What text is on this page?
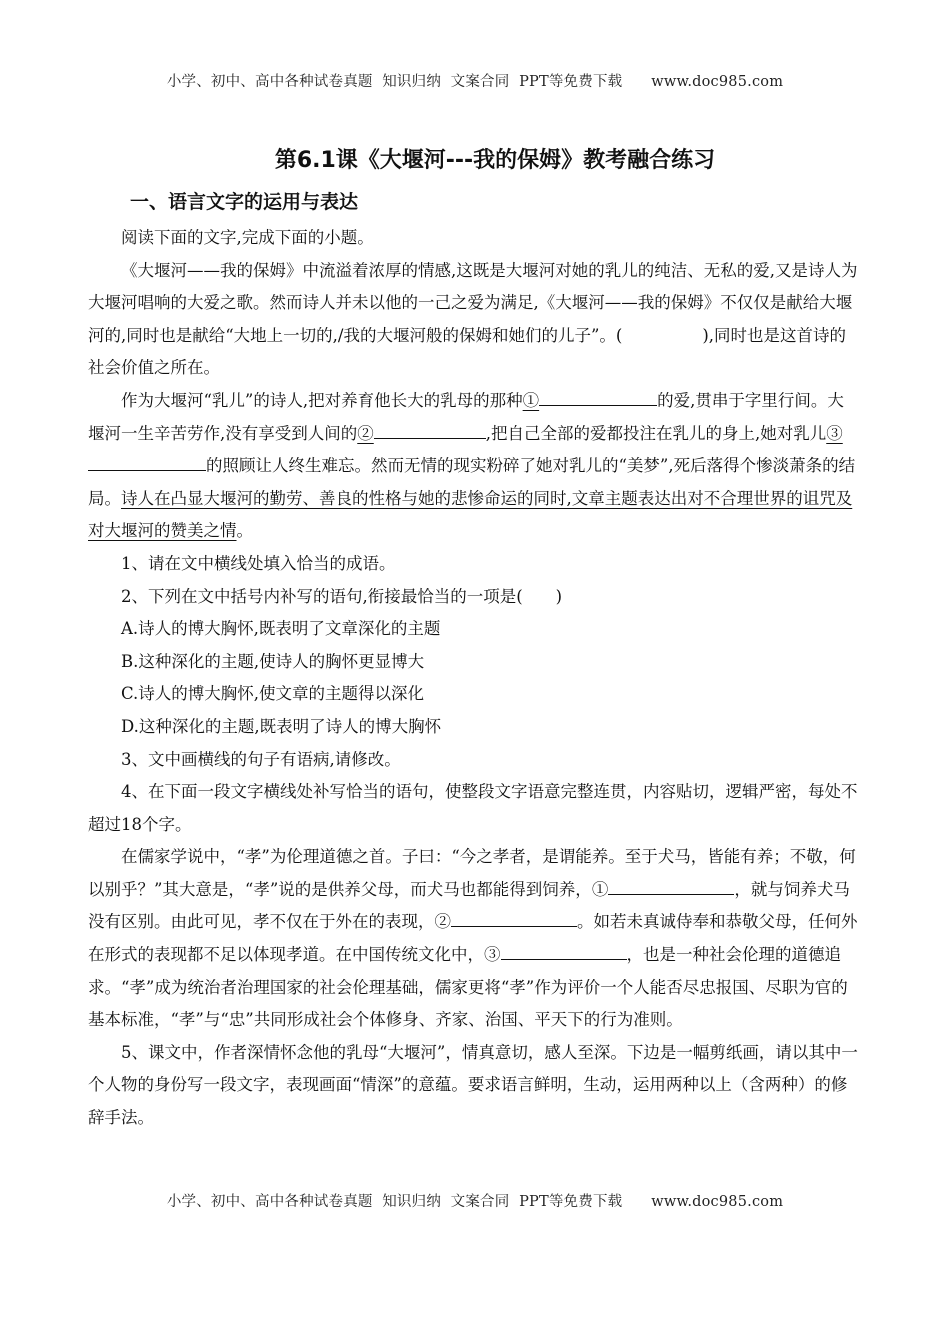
小学、初中、高中各种试卷真题  知识归纳  文案合同  PPT等免费下载 www.doc985.com
第6.1课《大堰河---我的保姆》教考融合练习
一、语言文字的运用与表达

阅读下面的文字,完成下面的小题。

《大堰河——我的保姆》中流溢着浓厚的情感,这既是大堰河对她的乳儿的纯洁、无私的爱,又是诗人为大堰河唱响的大爱之歌。然而诗人并未以他的一己之爱为满足,《大堰河——我的保姆》不仅仅是献给大堰河的,同时也是献给“大地上一切的,/我的大堰河般的保姆和她们的儿子”。(	),同时也是这首诗的社会价值之所在。

作为大堰河“乳儿”的诗人,把对养育他长大的乳母的那种①	的爱,贯串于字里行间。大堰河一生辛苦劳作,没有享受到人间的②	,把自己全部的爱都投注在乳儿的身上,她对乳儿③的照顾让人终生难忘。然而无情的现实粉碎了她对乳儿的“美梦”,死后落得个惨淡萧条的结局。诗人在凸显大堰河的勤劳、善良的性格与她的悲惨命运的同时,文章主题表达出对不合理世界的诅咒及对大堰河的赞美之情。

1、请在文中横线处填入恰当的成语。

2、下列在文中括号内补写的语句,衔接最恰当的一项是(　　)

A.诗人的博大胸怀,既表明了文章深化的主题

B.这种深化的主题,使诗人的胸怀更显博大

C.诗人的博大胸怀,使文章的主题得以深化

D.这种深化的主题,既表明了诗人的博大胸怀

3、文中画横线的句子有语病,请修改。

4、在下面一段文字横线处补写恰当的语句，使整段文字语意完整连贯，内容贴切，逻辑严密，每处不超过18个字。

在儒家学说中，“孝”为伦理道德之首。子曰：“今之孝者，是谓能养。至于犬马，皆能有养；不敬，何以别乎？”其大意是，“孝”说的是供养父母，而犬马也都能得到饲养，①	，就与饲养犬马没有区别。由此可见，孝不仅在于外在的表现，②	。如若未真诚侍奉和恭敬父母，任何外在形式的表现都不足以体现孝道。在中国传统文化中，③	，也是一种社会伦理的道德追求。“孝”成为统治者治理国家的社会伦理基础，儒家更将“孝”作为评价一个人能否尽忠报国、尽职为官的基本标准，“孝”与“忠”共同形成社会个体修身、齐家、治国、平天下的行为准则。

5、课文中，作者深情怀念他的乳母“大堰河”，情真意切，感人至深。下边是一幅剪纸画，请以其中一个人物的身份写一段文字，表现画面“情深”的意蕴。要求语言鲜明，生动，运用两种以上（含两种）的修辞手法。

小学、初中、高中各种试卷真题  知识归纳  文案合同  PPT等免费下载 www.doc985.com
